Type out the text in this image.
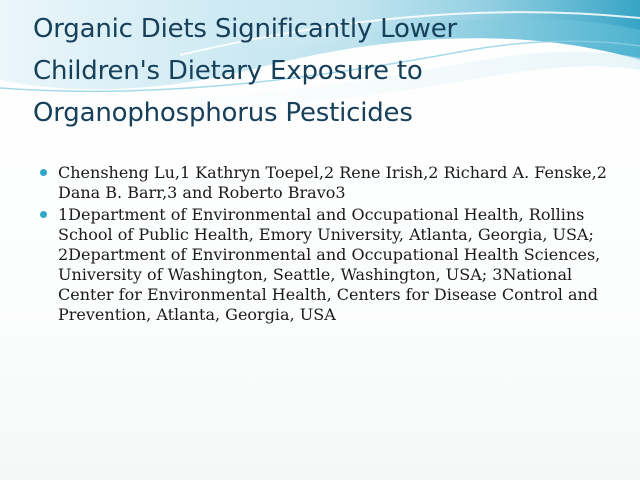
Organic Diets Significantly Lower
Children's Dietary Exposure to
Organophosphorus Pesticides
Chensheng Lu,1 Kathryn Toepel,2 Rene Irish,2 Richard A. Fenske,2 Dana B. Barr,3 and Roberto Bravo3
1Department of Environmental and Occupational Health, Rollins School of Public Health, Emory University, Atlanta, Georgia, USA; 2Department of Environmental and Occupational Health Sciences, University of Washington, Seattle, Washington, USA; 3National Center for Environmental Health, Centers for Disease Control and Prevention, Atlanta, Georgia, USA
